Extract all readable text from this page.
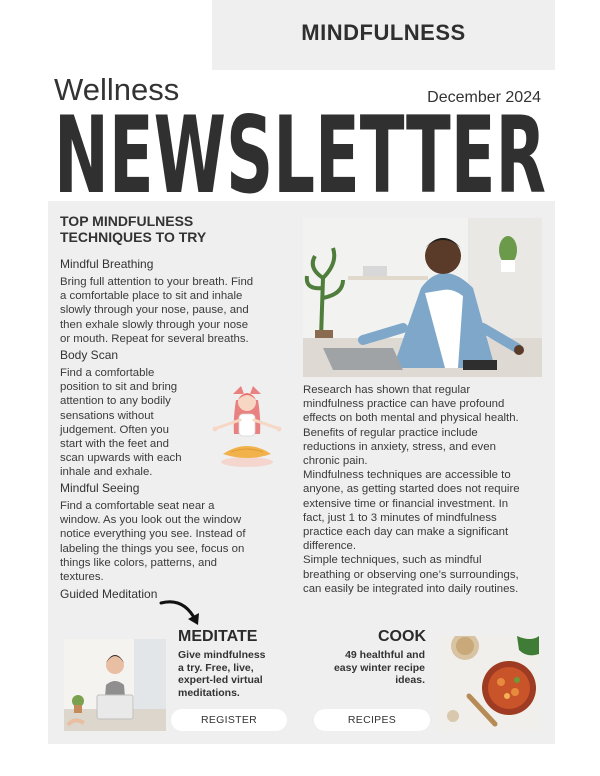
MINDFULNESS
Wellness	December 2024
NEWSLETTER
TOP MINDFULNESS
TECHNIQUES TO TRY
Mindful Breathing
Bring full attention to your breath. Find
a comfortable place to sit and inhale
slowly through your nose, pause, and
then exhale slowly through your nose
or mouth. Repeat for several breaths.
Body Scan
Find a comfortable
position to sit and bring
attention to any bodily
sensations without
judgement. Often you
start with the feet and
scan upwards with each
inhale and exhale.
Mindful Seeing
Find a comfortable seat near a
window. As you look out the window
notice everything you see. Instead of
labeling the things you see, focus on
things like colors, patterns, and
textures.
Guided Meditation

Research has shown that regular
mindfulness practice can have profound
effects on both mental and physical health.
Benefits of regular practice include
reductions in anxiety, stress, and even
chronic pain.

Mindfulness techniques are accessible to
anyone, as getting started does not require
extensive time or financial investment. In
fact, just 1 to 3 minutes of mindfulness
practice each day can make a significant
difference.

Simple techniques, such as mindful
breathing or observing one’s surroundings,
can easily be integrated into daily routines.

MEDITATE
Give mindfulness
a try. Free, live,
expert-led virtual
meditations.
REGISTER
COOK
49 healthful and
easy winter recipe
ideas.
RECIPES
